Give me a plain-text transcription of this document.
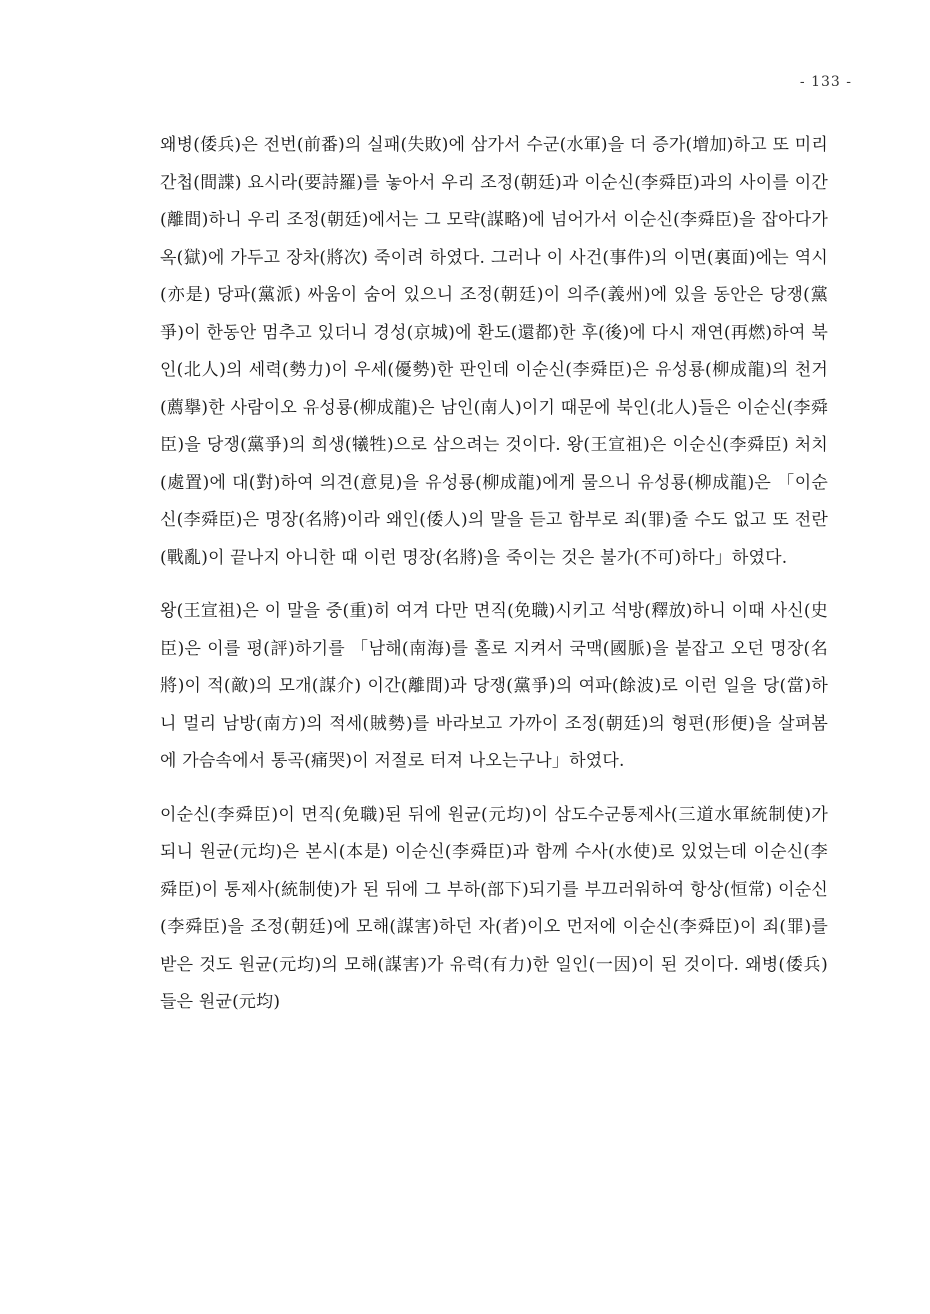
- 133 -

왜병(倭兵)은 전번(前番)의 실패(失敗)에 삼가서 수군(水軍)을 더 증가(增加)하고 또 미리 간첩(間諜) 요시라(要詩羅)를 놓아서 우리 조정(朝廷)과 이순신(李舜臣)과의 사이를 이간(離間)하니 우리 조정(朝廷)에서는 그 모략(謀略)에 넘어가서 이순신(李舜臣)을 잡아다가 옥(獄)에 가두고 장차(將次) 죽이려 하였다. 그러나 이 사건(事件)의 이면(裏面)에는 역시(亦是) 당파(黨派) 싸움이 숨어 있으니 조정(朝廷)이 의주(義州)에 있을 동안은 당쟁(黨爭)이 한동안 멈추고 있더니 경성(京城)에 환도(還都)한 후(後)에 다시 재연(再燃)하여 북인(北人)의 세력(勢力)이 우세(優勢)한 판인데 이순신(李舜臣)은 유성룡(柳成龍)의 천거(薦擧)한 사람이오 유성룡(柳成龍)은 남인(南人)이기 때문에 북인(北人)들은 이순신(李舜臣)을 당쟁(黨爭)의 희생(犧牲)으로 삼으려는 것이다. 왕(王宣祖)은 이순신(李舜臣) 처치(處置)에 대(對)하여 의견(意見)을 유성룡(柳成龍)에게 물으니 유성룡(柳成龍)은 「이순신(李舜臣)은 명장(名將)이라 왜인(倭人)의 말을 듣고 함부로 죄(罪)줄 수도 없고 또 전란(戰亂)이 끝나지 아니한 때 이런 명장(名將)을 죽이는 것은 불가(不可)하다」하였다.

왕(王宣祖)은 이 말을 중(重)히 여겨 다만 면직(免職)시키고 석방(釋放)하니 이때 사신(史臣)은 이를 평(評)하기를 「남해(南海)를 홀로 지켜서 국맥(國脈)을 붙잡고 오던 명장(名將)이 적(敵)의 모개(謀介) 이간(離間)과 당쟁(黨爭)의 여파(餘波)로 이런 일을 당(當)하니 멀리 남방(南方)의 적세(賊勢)를 바라보고 가까이 조정(朝廷)의 형편(形便)을 살펴봄에 가슴속에서 통곡(痛哭)이 저절로 터져 나오는구나」하였다.

이순신(李舜臣)이 면직(免職)된 뒤에 원균(元均)이 삼도수군통제사(三道水軍統制使)가 되니 원균(元均)은 본시(本是) 이순신(李舜臣)과 함께 수사(水使)로 있었는데 이순신(李舜臣)이 통제사(統制使)가 된 뒤에 그 부하(部下)되기를 부끄러워하여 항상(恒常) 이순신(李舜臣)을 조정(朝廷)에 모해(謀害)하던 자(者)이오 먼저에 이순신(李舜臣)이 죄(罪)를 받은 것도 원균(元均)의 모해(謀害)가 유력(有力)한 일인(一因)이 된 것이다. 왜병(倭兵)들은 원균(元均)
